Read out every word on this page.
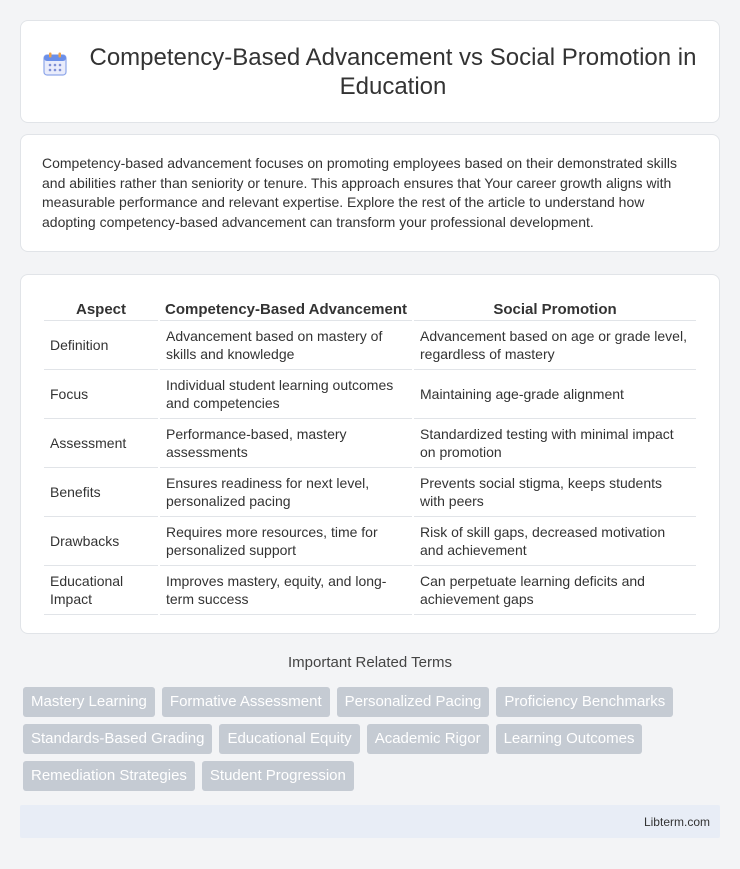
Competency-Based Advancement vs Social Promotion in Education

Competency-based advancement focuses on promoting employees based on their demonstrated skills and abilities rather than seniority or tenure. This approach ensures that Your career growth aligns with measurable performance and relevant expertise. Explore the rest of the article to understand how adopting competency-based advancement can transform your professional development.

Aspect	Competency-Based Advancement	Social Promotion
Definition	Advancement based on mastery of skills and knowledge	Advancement based on age or grade level, regardless of mastery
Focus	Individual student learning outcomes and competencies	Maintaining age-grade alignment
Assessment	Performance-based, mastery assessments	Standardized testing with minimal impact on promotion
Benefits	Ensures readiness for next level, personalized pacing	Prevents social stigma, keeps students with peers
Drawbacks	Requires more resources, time for personalized support	Risk of skill gaps, decreased motivation and achievement
Educational Impact	Improves mastery, equity, and long-term success	Can perpetuate learning deficits and achievement gaps
Important Related Terms
Mastery Learning	Formative Assessment	Personalized Pacing	Proficiency Benchmarks
Standards-Based Grading	Educational Equity	Academic Rigor	Learning Outcomes
Remediation Strategies	Student Progression
Libterm.com
